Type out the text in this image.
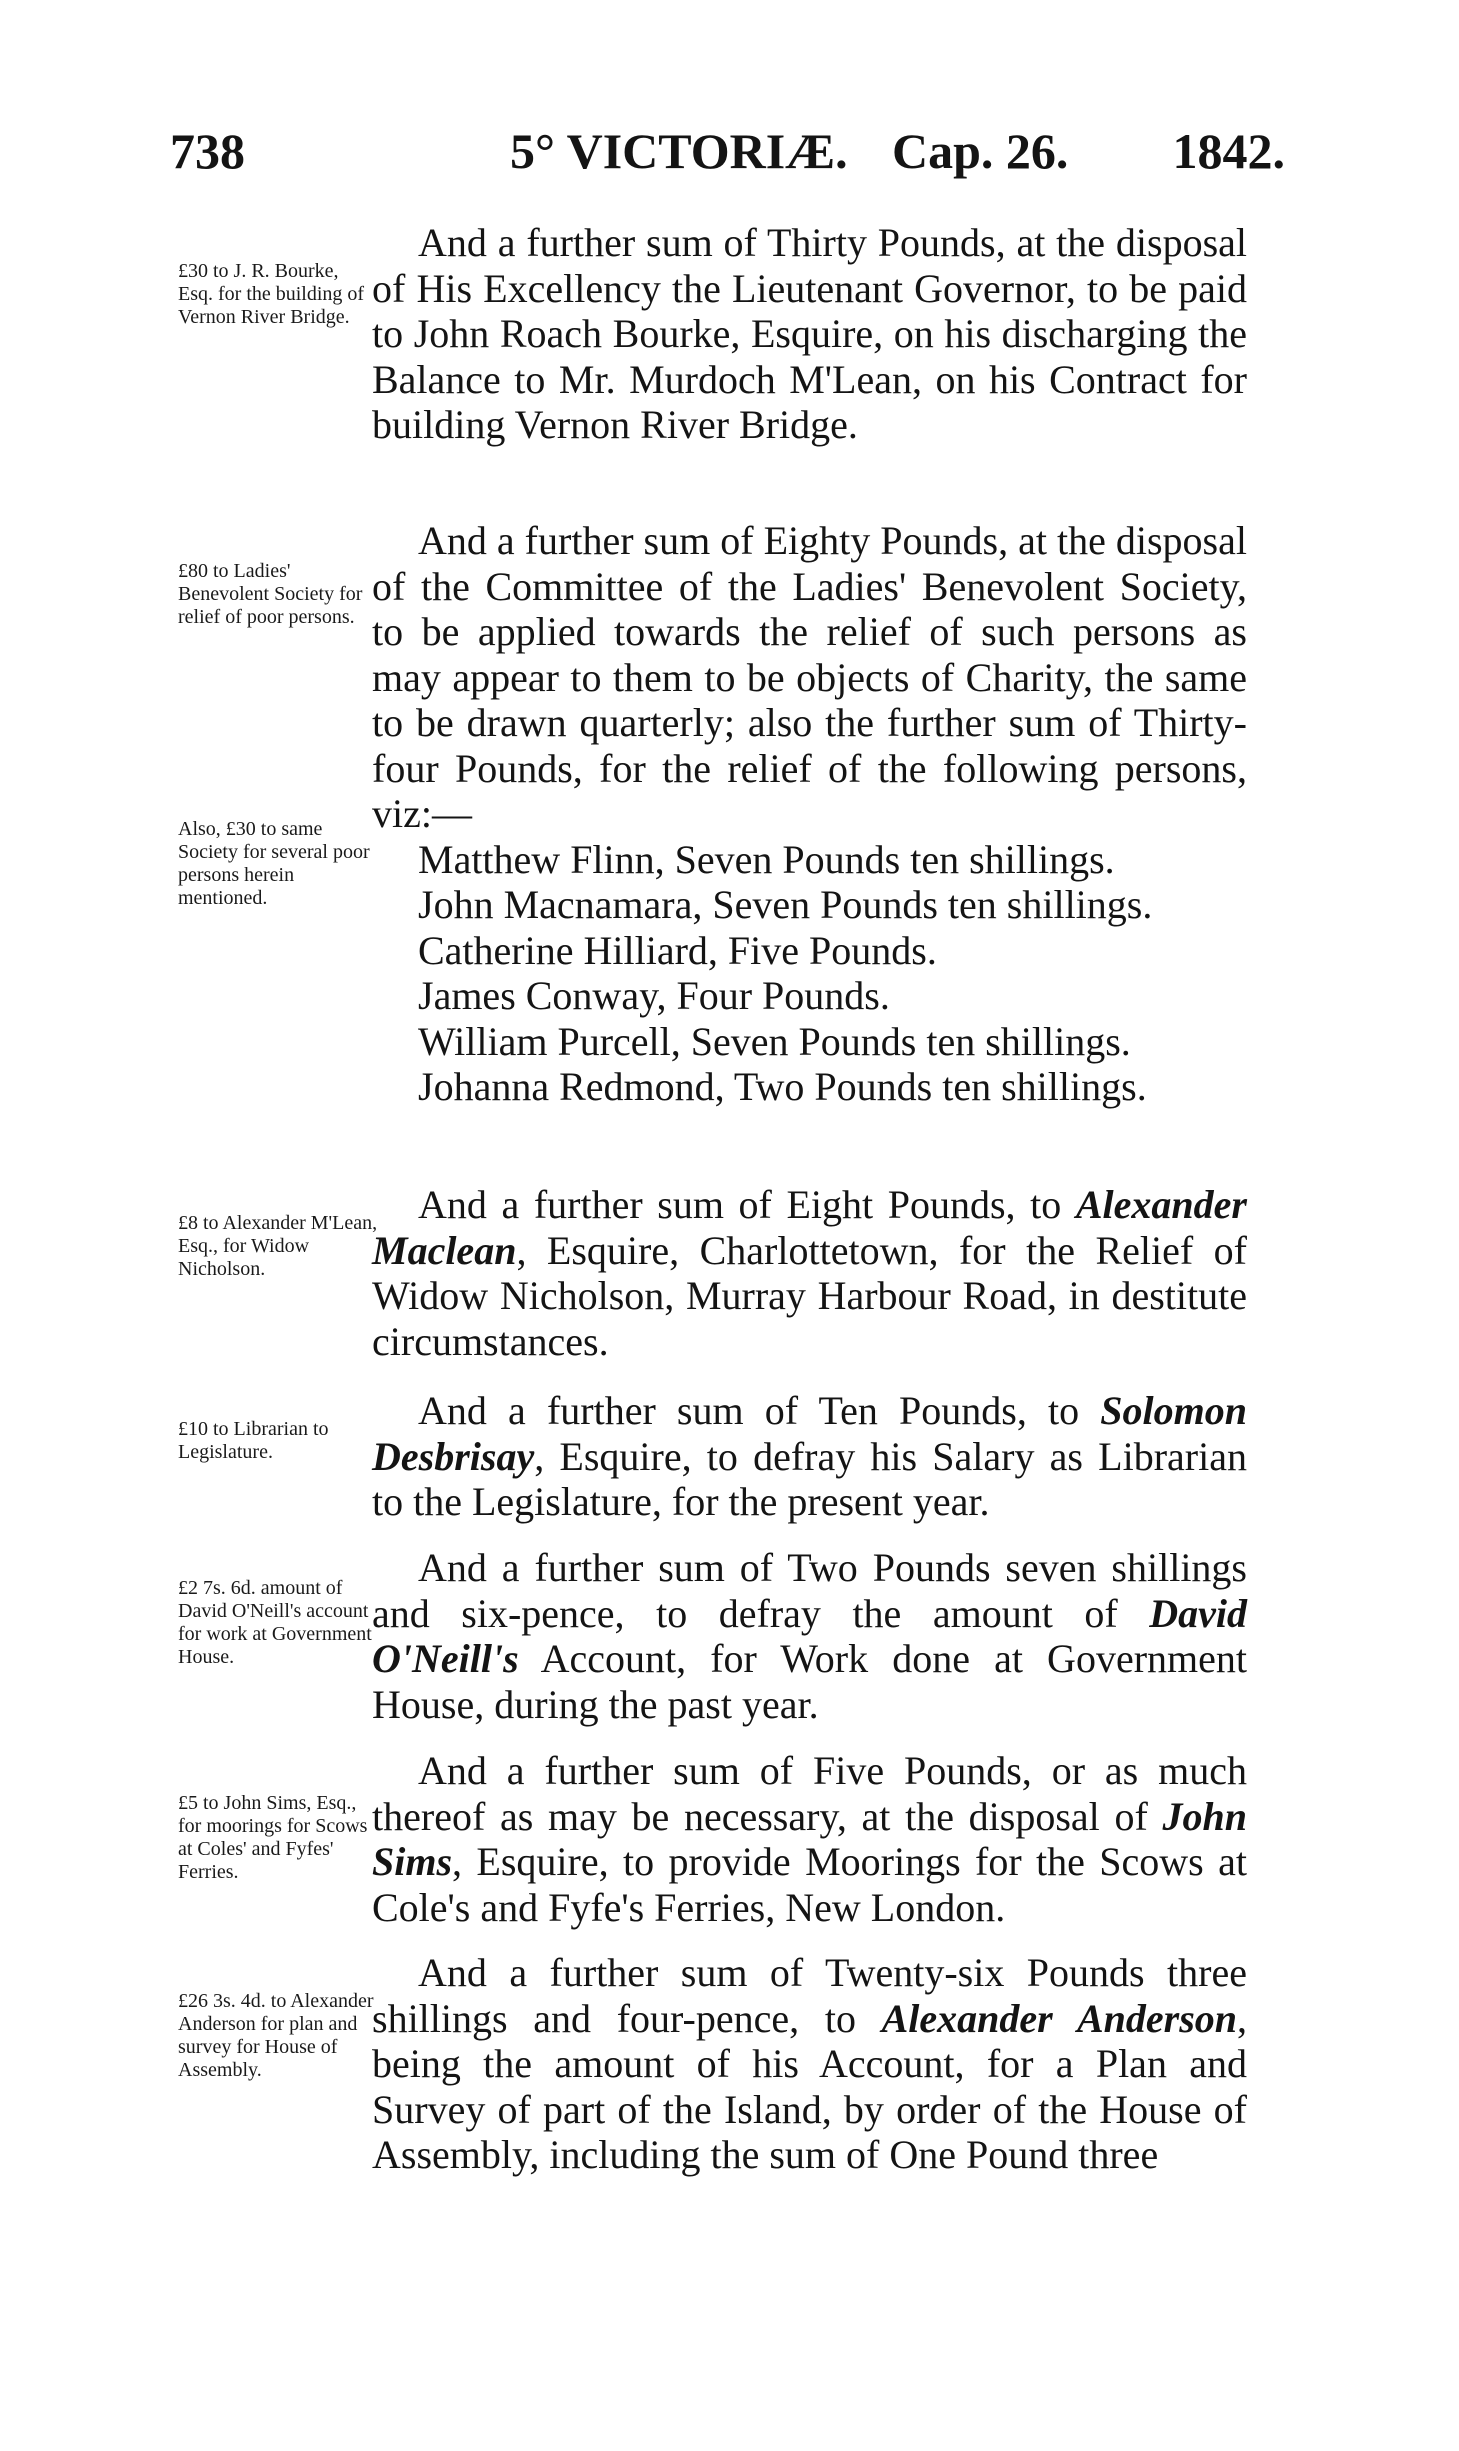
738	5° VICTORIÆ. Cap. 26. 1842.
£30 to J. R. Bourke, Esq. for the building of Vernon River Bridge.

And a further sum of Thirty Pounds, at the disposal of His Excellency the Lieutenant Governor, to be paid to John Roach Bourke, Esquire, on his discharging the Balance to Mr. Murdoch M'Lean, on his Contract for building Vernon River Bridge.

£80 to Ladies' Benevolent Society for relief of poor persons.
Also, £30 to same Society for several poor persons herein mentioned.

And a further sum of Eighty Pounds, at the disposal of the Committee of the Ladies' Benevolent Society, to be applied towards the relief of such persons as may appear to them to be objects of Charity, the same to be drawn quarterly; also the further sum of Thirty-four Pounds, for the relief of the following persons, viz:—

Matthew Flinn, Seven Pounds ten shillings.
John Macnamara, Seven Pounds ten shillings.
Catherine Hilliard, Five Pounds.
James Conway, Four Pounds.
William Purcell, Seven Pounds ten shillings.
Johanna Redmond, Two Pounds ten shillings.
£8 to Alexander M'Lean, Esq., for Widow Nicholson.

And a further sum of Eight Pounds, to Alexander Maclean, Esquire, Charlottetown, for the Relief of Widow Nicholson, Murray Harbour Road, in destitute circumstances.

£10 to Librarian to Legislature.

And a further sum of Ten Pounds, to Solomon Desbrisay, Esquire, to defray his Salary as Librarian to the Legislature, for the present year.

£2 7s. 6d. amount of David O'Neill's account for work at Government House.

And a further sum of Two Pounds seven shillings and six-pence, to defray the amount of David O'Neill's Account, for Work done at Government House, during the past year.

£5 to John Sims, Esq., for moorings for Scows at Coles' and Fyfes' Ferries.

And a further sum of Five Pounds, or as much thereof as may be necessary, at the disposal of John Sims, Esquire, to provide Moorings for the Scows at Cole's and Fyfe's Ferries, New London.

£26 3s. 4d. to Alexander Anderson for plan and survey for House of Assembly.

And a further sum of Twenty-six Pounds three shillings and four-pence, to Alexander Anderson, being the amount of his Account, for a Plan and Survey of part of the Island, by order of the House of Assembly, including the sum of One Pound three
